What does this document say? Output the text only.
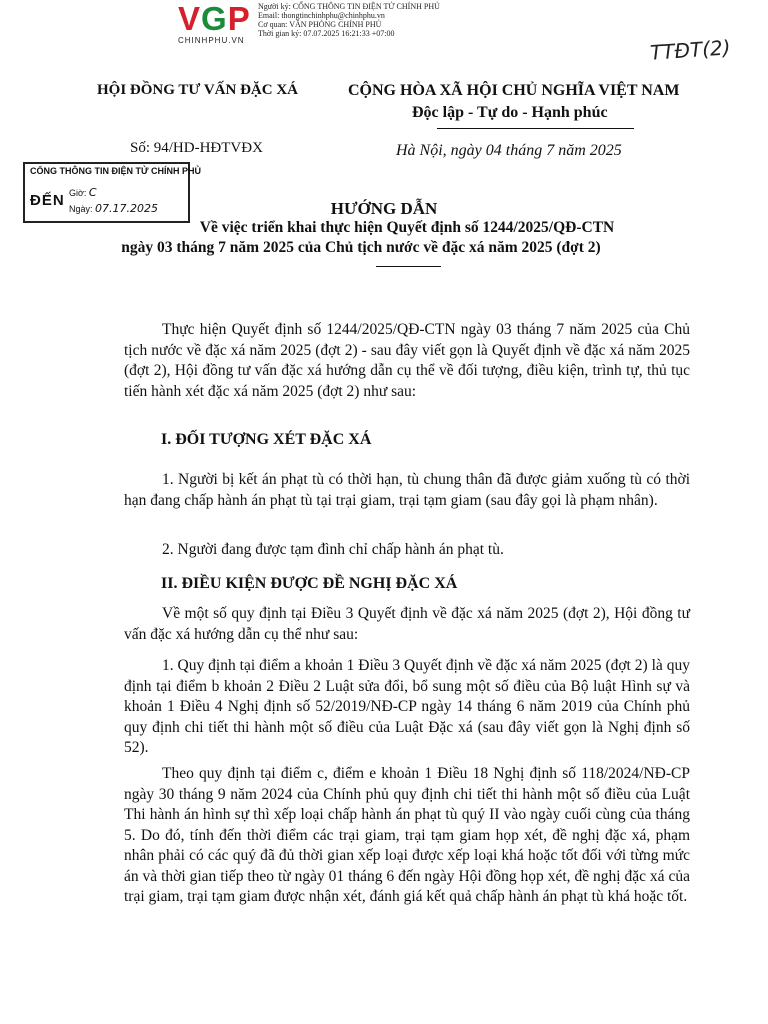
VGP
CHINHPHU.VN
Người ký: CỔNG THÔNG TIN ĐIỆN TỬ CHÍNH PHỦ
Email: thongtinchinhphu@chinhphu.vn
Cơ quan: VĂN PHÒNG CHÍNH PHỦ
Thời gian ký: 07.07.2025 16:21:33 +07:00
TTĐT(2)
HỘI ĐỒNG TƯ VẤN ĐẶC XÁ	CỘNG HÒA XÃ HỘI CHỦ NGHĨA VIỆT NAM
Độc lập - Tự do - Hạnh phúc
Số: 94/HD-HĐTVĐX	Hà Nội, ngày 04 tháng 7 năm 2025
CỔNG THÔNG TIN ĐIỆN TỬ CHÍNH PHỦ
ĐẾN Giờ: C
Ngày: 07.17.2025	HƯỚNG DẪN
Về việc triển khai thực hiện Quyết định số 1244/2025/QĐ-CTN
ngày 03 tháng 7 năm 2025 của Chủ tịch nước về đặc xá năm 2025 (đợt 2)
Thực hiện Quyết định số 1244/2025/QĐ-CTN ngày 03 tháng 7 năm 2025 của Chủ tịch nước về đặc xá năm 2025 (đợt 2) - sau đây viết gọn là Quyết định về đặc xá năm 2025 (đợt 2), Hội đồng tư vấn đặc xá hướng dẫn cụ thể về đối tượng, điều kiện, trình tự, thủ tục tiến hành xét đặc xá năm 2025 (đợt 2) như sau:
I. ĐỐI TƯỢNG XÉT ĐẶC XÁ
1. Người bị kết án phạt tù có thời hạn, tù chung thân đã được giảm xuống tù có thời hạn đang chấp hành án phạt tù tại trại giam, trại tạm giam (sau đây gọi là phạm nhân).
2. Người đang được tạm đình chỉ chấp hành án phạt tù.
II. ĐIỀU KIỆN ĐƯỢC ĐỀ NGHỊ ĐẶC XÁ
Về một số quy định tại Điều 3 Quyết định về đặc xá năm 2025 (đợt 2), Hội đồng tư vấn đặc xá hướng dẫn cụ thể như sau:
1. Quy định tại điểm a khoản 1 Điều 3 Quyết định về đặc xá năm 2025 (đợt 2) là quy định tại điểm b khoản 2 Điều 2 Luật sửa đổi, bổ sung một số điều của Bộ luật Hình sự và khoản 1 Điều 4 Nghị định số 52/2019/NĐ-CP ngày 14 tháng 6 năm 2019 của Chính phủ quy định chi tiết thi hành một số điều của Luật Đặc xá (sau đây viết gọn là Nghị định số 52).
Theo quy định tại điểm c, điểm e khoản 1 Điều 18 Nghị định số 118/2024/NĐ-CP ngày 30 tháng 9 năm 2024 của Chính phủ quy định chi tiết thi hành một số điều của Luật Thi hành án hình sự thì xếp loại chấp hành án phạt tù quý II vào ngày cuối cùng của tháng 5. Do đó, tính đến thời điểm các trại giam, trại tạm giam họp xét, đề nghị đặc xá, phạm nhân phải có các quý đã đủ thời gian xếp loại được xếp loại khá hoặc tốt đối với từng mức án và thời gian tiếp theo từ ngày 01 tháng 6 đến ngày Hội đồng họp xét, đề nghị đặc xá của trại giam, trại tạm giam được nhận xét, đánh giá kết quả chấp hành án phạt tù khá hoặc tốt.
